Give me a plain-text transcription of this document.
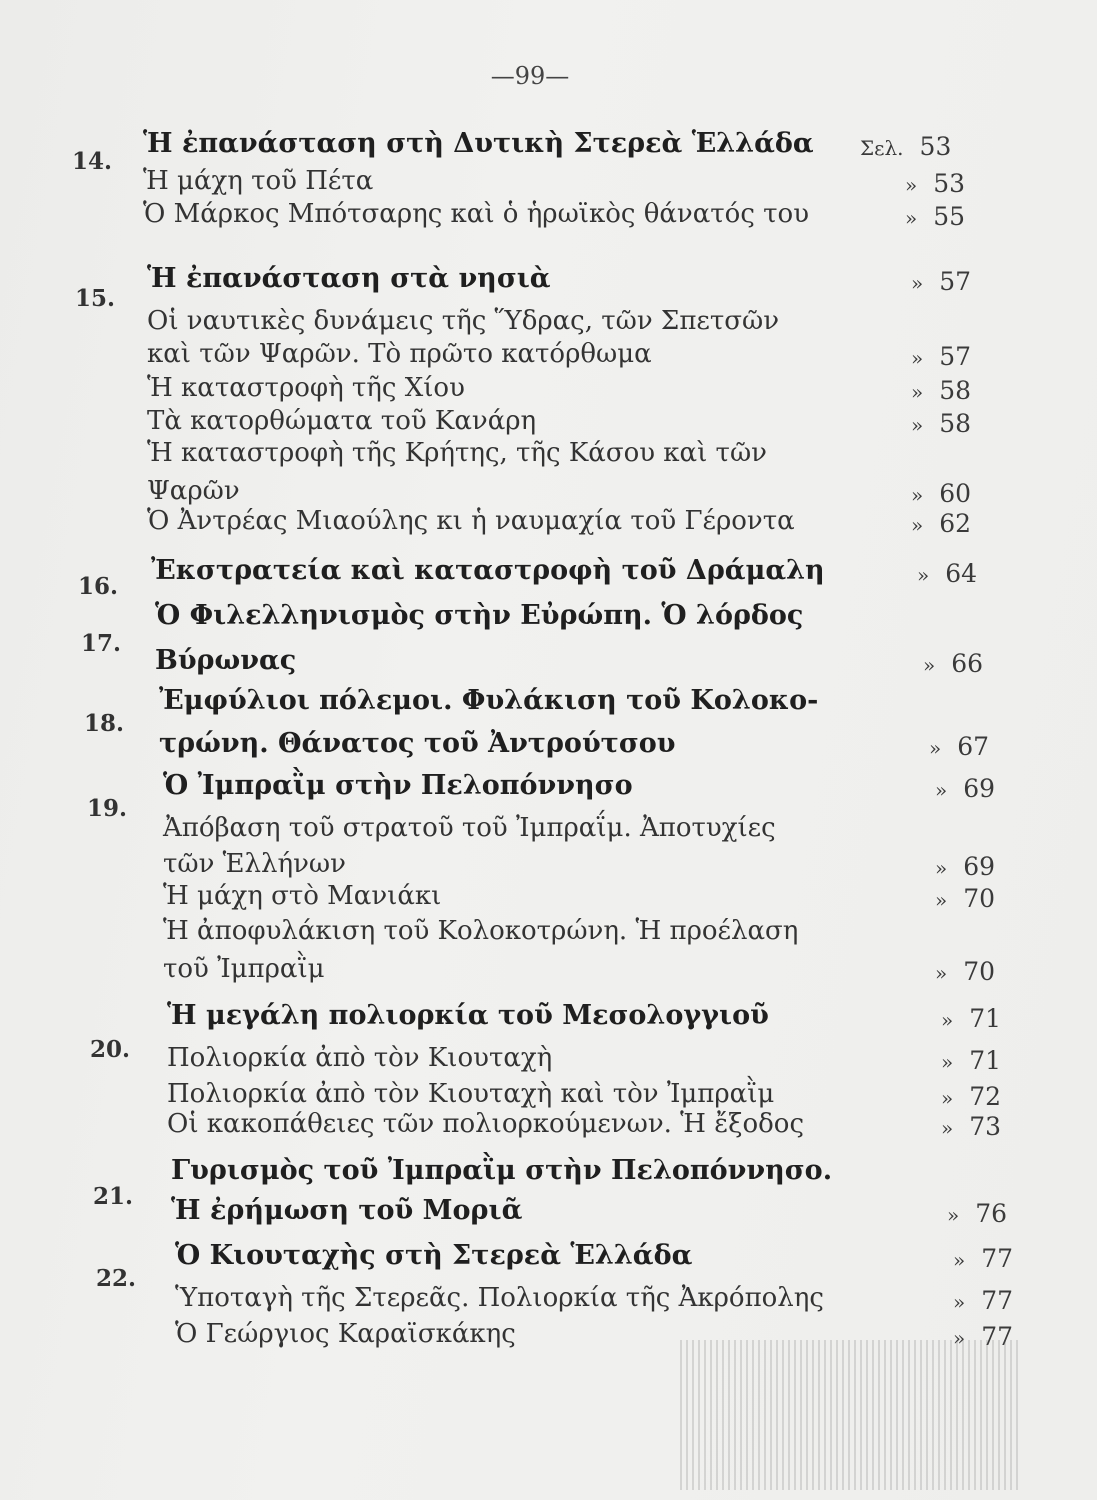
—99—
14.
Ἡ ἐπανάσταση στὴ Δυτικὴ Στερεὰ Ἑλλάδα Σελ. 53
Ἡ μάχη τοῦ Πέτα	» 53
Ὁ Μάρκος Μπότσαρης καὶ ὁ ἡρωϊκὸς θάνατός του	» 55
15.
Ἡ ἐπανάσταση στὰ νησιὰ	» 57
Οἱ ναυτικὲς δυνάμεις τῆς Ὕδρας, τῶν Σπετσῶν
καὶ τῶν Ψαρῶν. Τὸ πρῶτο κατόρθωμα	» 57
Ἡ καταστροφὴ τῆς Χίου	» 58
Τὰ κατορθώματα τοῦ Κανάρη	» 58
Ἡ καταστροφὴ τῆς Κρήτης, τῆς Κάσου καὶ τῶν
Ψαρῶν	» 60
Ὁ Ἀντρέας Μιαούλης κι ἡ ναυμαχία τοῦ Γέροντα	» 62
16.
Ἐκστρατεία καὶ καταστροφὴ τοῦ Δράμαλη	» 64
17.
Ὁ Φιλελληνισμὸς στὴν Εὐρώπη. Ὁ λόρδος
Βύρωνας	» 66
18.
Ἐμφύλιοι πόλεμοι. Φυλάκιση τοῦ Κολοκο-
τρώνη. Θάνατος τοῦ Ἀντρούτσου	» 67
19.
Ὁ Ἰμπραῒμ στὴν Πελοπόννησο	» 69
Ἀπόβαση τοῦ στρατοῦ τοῦ Ἰμπραΐμ. Ἀποτυχίες
τῶν Ἑλλήνων	» 69
Ἡ μάχη στὸ Μανιάκι	» 70
Ἡ ἀποφυλάκιση τοῦ Κολοκοτρώνη. Ἡ προέλαση
τοῦ Ἰμπραῒμ	» 70
20.
Ἡ μεγάλη πολιορκία τοῦ Μεσολογγιοῦ	» 71
Πολιορκία ἀπὸ τὸν Κιουταχὴ	» 71
Πολιορκία ἀπὸ τὸν Κιουταχὴ καὶ τὸν Ἰμπραῒμ	» 72
Οἱ κακοπάθειες τῶν πολιορκούμενων. Ἡ ἔξοδος	» 73
21.
Γυρισμὸς τοῦ Ἰμπραῒμ στὴν Πελοπόννησο.
Ἡ ἐρήμωση τοῦ Μοριᾶ	» 76
22.
Ὁ Κιουταχὴς στὴ Στερεὰ Ἑλλάδα	» 77
Ὑποταγὴ τῆς Στερεᾶς. Πολιορκία τῆς Ἀκρόπολης	» 77
Ὁ Γεώργιος Καραϊσκάκης	» 77
